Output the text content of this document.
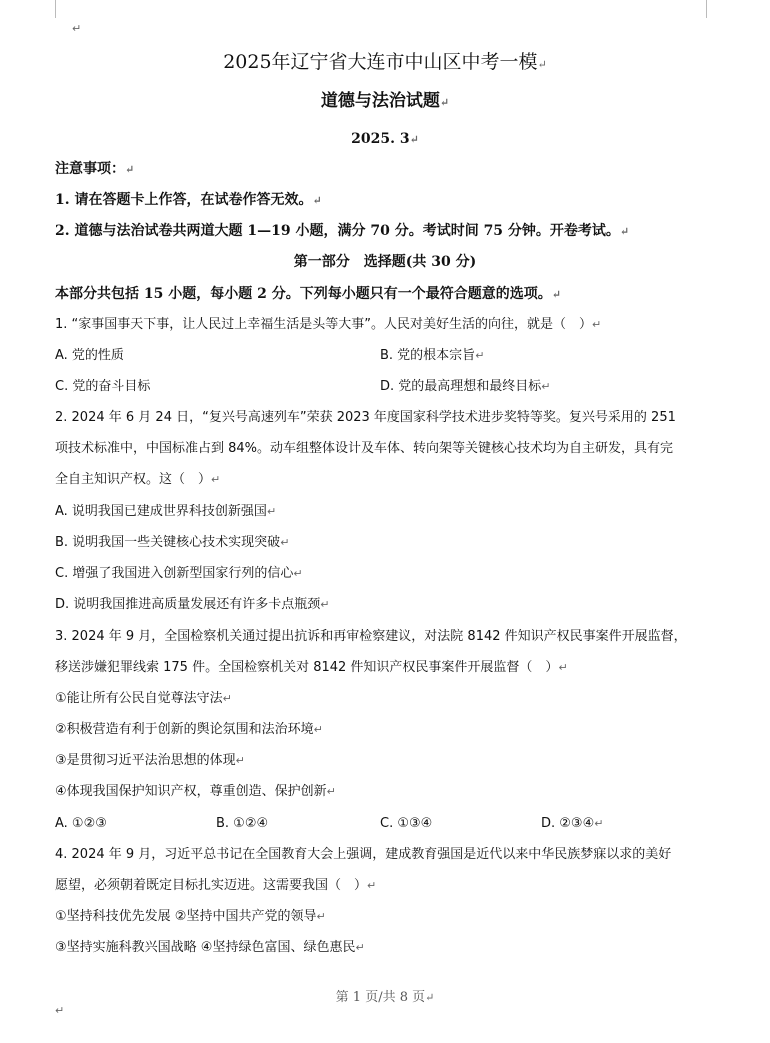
↵
2025年辽宁省大连市中山区中考一模↵
道德与法治试题↵
2025. 3↵
注意事项：↵
1. 请在答题卡上作答，在试卷作答无效。↵
2. 道德与法治试卷共两道大题 1—19 小题，满分 70 分。考试时间 75 分钟。开卷考试。↵
第一部分　选择题(共 30 分)
本部分共包括 15 小题，每小题 2 分。下列每小题只有一个最符合题意的选项。↵
1. “家事国事天下事，让人民过上幸福生活是头等大事”。人民对美好生活的向往，就是（　）↵
A. 党的性质	B. 党的根本宗旨↵
C. 党的奋斗目标	D. 党的最高理想和最终目标↵
2. 2024 年 6 月 24 日，“复兴号高速列车”荣获 2023 年度国家科学技术进步奖特等奖。复兴号采用的 251
项技术标准中，中国标准占到 84%。动车组整体设计及车体、转向架等关键核心技术均为自主研发，具有完
全自主知识产权。这（　）↵
A. 说明我国已建成世界科技创新强国↵
B. 说明我国一些关键核心技术实现突破↵
C. 增强了我国进入创新型国家行列的信心↵
D. 说明我国推进高质量发展还有许多卡点瓶颈↵
3. 2024 年 9 月，全国检察机关通过提出抗诉和再审检察建议，对法院 8142 件知识产权民事案件开展监督，
移送涉嫌犯罪线索 175 件。全国检察机关对 8142 件知识产权民事案件开展监督（　）↵
①能让所有公民自觉尊法守法↵
②积极营造有利于创新的舆论氛围和法治环境↵
③是贯彻习近平法治思想的体现↵
④体现我国保护知识产权，尊重创造、保护创新↵
A. ①②③	B. ①②④	C. ①③④	D. ②③④↵
4. 2024 年 9 月，习近平总书记在全国教育大会上强调，建成教育强国是近代以来中华民族梦寐以求的美好
愿望，必须朝着既定目标扎实迈进。这需要我国（　）↵
①坚持科技优先发展 ②坚持中国共产党的领导↵
③坚持实施科教兴国战略 ④坚持绿色富国、绿色惠民↵
第 1 页/共 8 页↵
↵
